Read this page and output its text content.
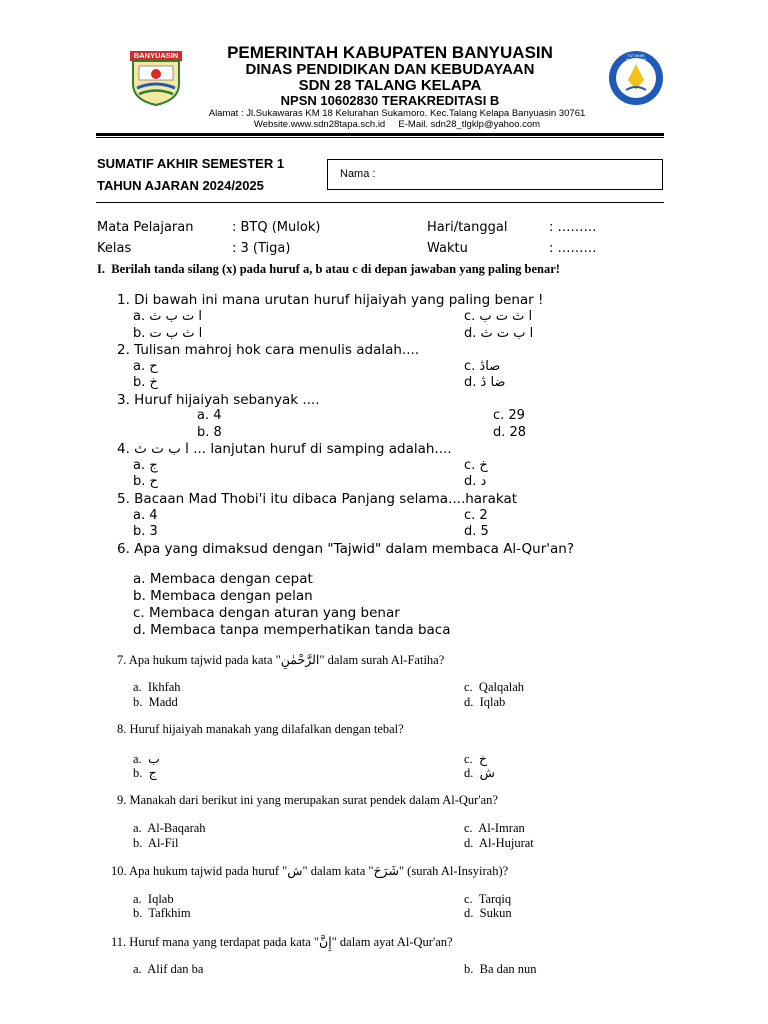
BANYUASIN	TUT WURI HANDAYANI
PEMERINTAH KABUPATEN BANYUASIN
DINAS PENDIDIKAN DAN KEBUDAYAAN
SDN 28 TALANG KELAPA
NPSN 10602830 TERAKREDITASI B
Alamat : Jl.Sukawaras KM 18 Kelurahan Sukamoro. Kec.Talang Kelapa Banyuasin 30761
Website.www.sdn28tapa.sch.id     E-Mail. sdn28_tlgklp@yahoo.com
SUMATIF AKHIR SEMESTER 1
TAHUN AJARAN 2024/2025
Nama :
Mata Pelajaran	: BTQ (Mulok)	Hari/tanggal	: ………
Kelas	: 3 (Tiga)	Waktu	: ………
I.  Berilah tanda silang (x) pada huruf a, b atau c di depan jawaban yang paling benar!
1. Di bawah ini mana urutan huruf hijaiyah yang paling benar !
a. ا ت ب ث	c. ا ث ت ب
b. ا ث ب ت	d. ا ب ت ث
2. Tulisan mahroj hok cara menulis adalah....
a. ح	c. صاڎ
b. خ	d. ضا ڎ
3. Huruf hijaiyah sebanyak ....
a. 4	c. 29
b. 8	d. 28
4. ا ب ت ث ... lanjutan huruf di samping adalah....
a. ج	c. خ
b. ح	d. د
5. Bacaan Mad Thobi'i itu dibaca Panjang selama....harakat
a. 4	c. 2
b. 3	d. 5
6. Apa yang dimaksud dengan "Tajwid" dalam membaca Al-Qur'an?
a. Membaca dengan cepat
b. Membaca dengan pelan
c. Membaca dengan aturan yang benar
d. Membaca tanpa memperhatikan tanda baca
7. Apa hukum tajwid pada kata "الرَّحْمٰنِ" dalam surah Al-Fatiha?
a.  Ikhfah	c.  Qalqalah
b.  Madd	d.  Iqlab
8. Huruf hijaiyah manakah yang dilafalkan dengan tebal?
a.  ب	c.  خ
b.  ج	d.  ش
9. Manakah dari berikut ini yang merupakan surat pendek dalam Al-Qur'an?
a.  Al-Baqarah	c.  Al-Imran
b.  Al-Fil	d.  Al-Hujurat
10. Apa hukum tajwid pada huruf "ش" dalam kata "شَرَحَ" (surah Al-Insyirah)?
a.  Iqlab	c.  Tarqiq
b.  Tafkhim	d.  Sukun
11. Huruf mana yang terdapat pada kata "إِنَّ" dalam ayat Al-Qur'an?
a.  Alif dan ba	b.  Ba dan nun
